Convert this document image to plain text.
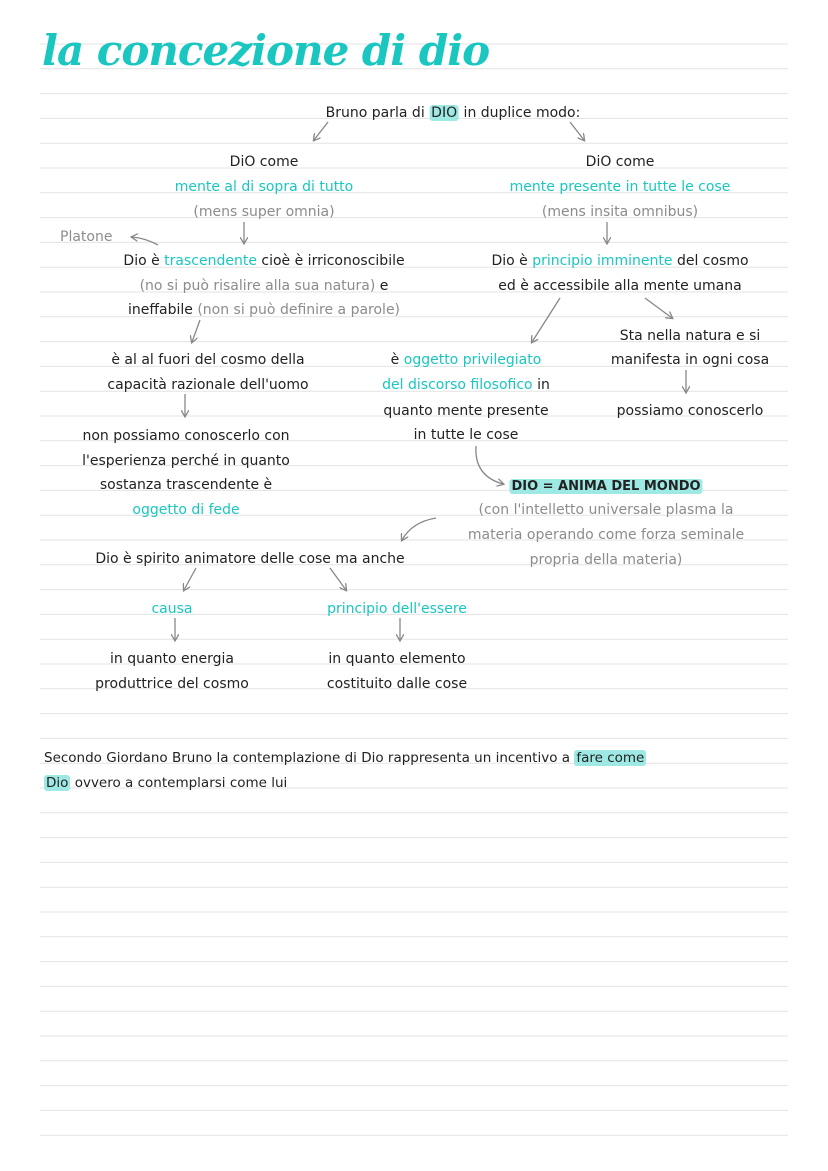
la concezione di dio
Bruno parla di DIO in duplice modo:
DiO come
mente al di sopra di tutto
(mens super omnia)
Platone
Dio è trascendente cioè è irriconoscibile
(no si può risalire alla sua natura) e
ineffabile (non si può definire a parole)
è al al fuori del cosmo della
capacità razionale dell'uomo
non possiamo conoscerlo con
l'esperienza perché in quanto
sostanza trascendente è
oggetto di fede
DiO come
mente presente in tutte le cose
(mens insita omnibus)
Dio è principio imminente del cosmo
ed è accessibile alla mente umana
è oggetto privilegiato
del discorso filosofico in
quanto mente presente
in tutte le cose
Sta nella natura e si
manifesta in ogni cosa
possiamo conoscerlo
DIO = ANIMA DEL MONDO
(con l'intelletto universale plasma la
materia operando come forza seminale
propria della materia)
Dio è spirito animatore delle cose ma anche
causa
in quanto energia
produttrice del cosmo
principio dell'essere
in quanto elemento
costituito dalle cose
Secondo Giordano Bruno la contemplazione di Dio rappresenta un incentivo a fare come
Dio ovvero a contemplarsi come lui
